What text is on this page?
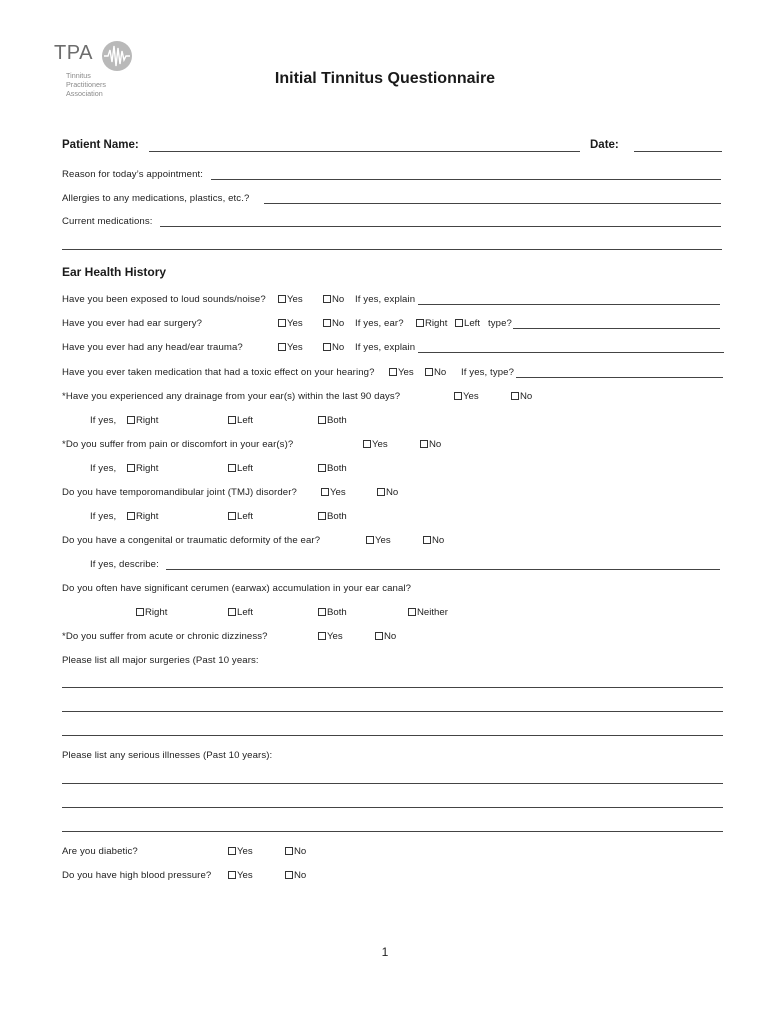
TPA
Tinnitus
Practitioners
Association
Initial Tinnitus Questionnaire
Patient Name:	Date:
Reason for today’s appointment:
Allergies to any medications, plastics, etc.?
Current medications:
Ear Health History
Have you been exposed to loud sounds/noise?	Yes	No If yes, explain
Have you ever had ear surgery?	Yes	No If yes, ear?	Right	Left type?
Have you ever had any head/ear trauma?	Yes	No If yes, explain
Have you ever taken medication that had a toxic effect on your hearing?	Yes	No If yes, type?
*Have you experienced any drainage from your ear(s) within the last 90 days?	Yes	No
If yes,	Right	Left	Both
*Do you suffer from pain or discomfort in your ear(s)?	Yes	No
If yes,	Right	Left	Both
Do you have temporomandibular joint (TMJ) disorder?	Yes	No
If yes,	Right	Left	Both
Do you have a congenital or traumatic deformity of the ear?	Yes	No
If yes, describe:
Do you often have significant cerumen (earwax) accumulation in your ear canal?
Right	Left	Both	Neither
*Do you suffer from acute or chronic dizziness?	Yes	No
Please list all major surgeries (Past 10 years:
Please list any serious illnesses (Past 10 years):
Are you diabetic?	Yes	No
Do you have high blood pressure?	Yes	No
1
